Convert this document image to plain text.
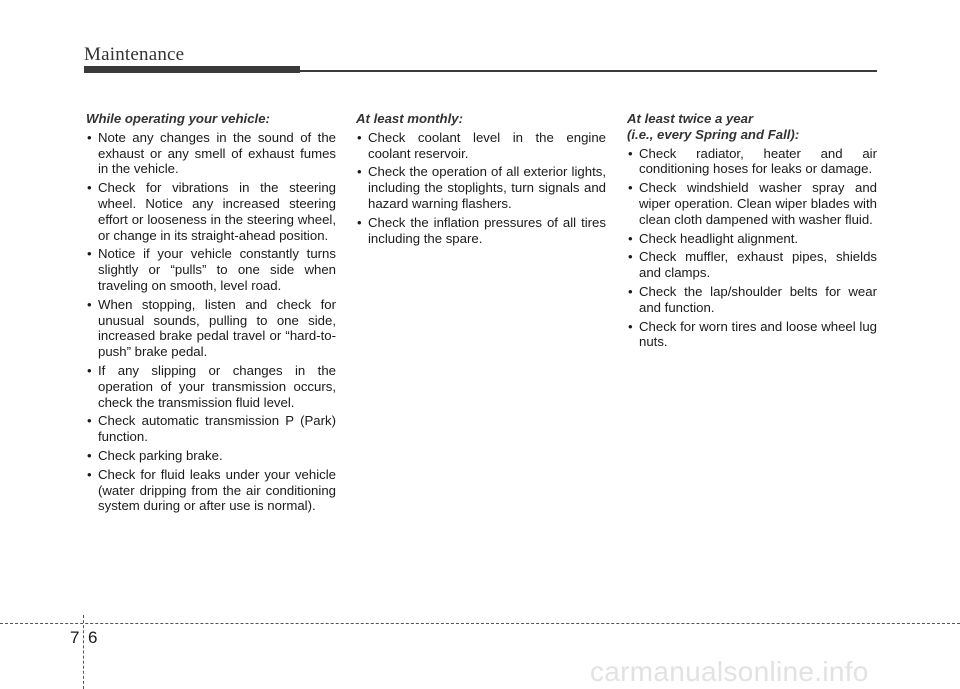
Maintenance
While operating your vehicle:
• Note any changes in the sound of the exhaust or any smell of exhaust fumes in the vehicle.
• Check for vibrations in the steering wheel. Notice any increased steering effort or looseness in the steering wheel, or change in its straight-ahead position.
• Notice if your vehicle constantly turns slightly or “pulls” to one side when traveling on smooth, level road.
• When stopping, listen and check for unusual sounds, pulling to one side, increased brake pedal travel or “hard-to-push” brake pedal.
• If any slipping or changes in the operation of your transmission occurs, check the transmission fluid level.
• Check automatic transmission P (Park) function.
• Check parking brake.
• Check for fluid leaks under your vehicle (water dripping from the air conditioning system during or after use is normal).
At least monthly:
• Check coolant level in the engine coolant reservoir.
• Check the operation of all exterior lights, including the stoplights, turn signals and hazard warning flashers.
• Check the inflation pressures of all tires including the spare.
At least twice a year
(i.e., every Spring and Fall):
• Check radiator, heater and air conditioning hoses for leaks or damage.
• Check windshield washer spray and wiper operation. Clean wiper blades with clean cloth dampened with washer fluid.
• Check headlight alignment.
• Check muffler, exhaust pipes, shields and clamps.
• Check the lap/shoulder belts for wear and function.
• Check for worn tires and loose wheel lug nuts.
7 6
carmanualsonline.info
